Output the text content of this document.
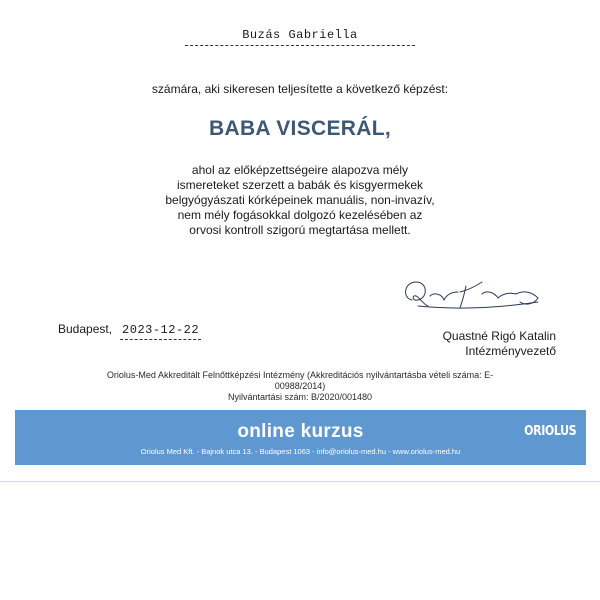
Buzás Gabriella
számára, aki sikeresen teljesítette a következő képzést:
BABA VISCERÁL,
ahol az előképzettségeire alapozva mély
ismereteket szerzett a babák és kisgyermekek
belgyógyászati kórképeinek manuális, non-invazív,
nem mély fogásokkal dolgozó kezelésében az
orvosi kontroll szigorú megtartása mellett.
Budapest, 2023-12-22	Quastné Rigó Katalin
Intézményvezető
Oriolus-Med Akkreditált Felnőttképzési Intézmény (Akkreditációs nyilvántartásba vételi száma: E-
00988/2014)
Nyilvántartási szám: B/2020/001480
online kurzus	ORIOLUS
Oriolus Med Kft. - Bajnok utca 13. - Budapest 1063 - info@oriolus-med.hu - www.oriolus-med.hu
